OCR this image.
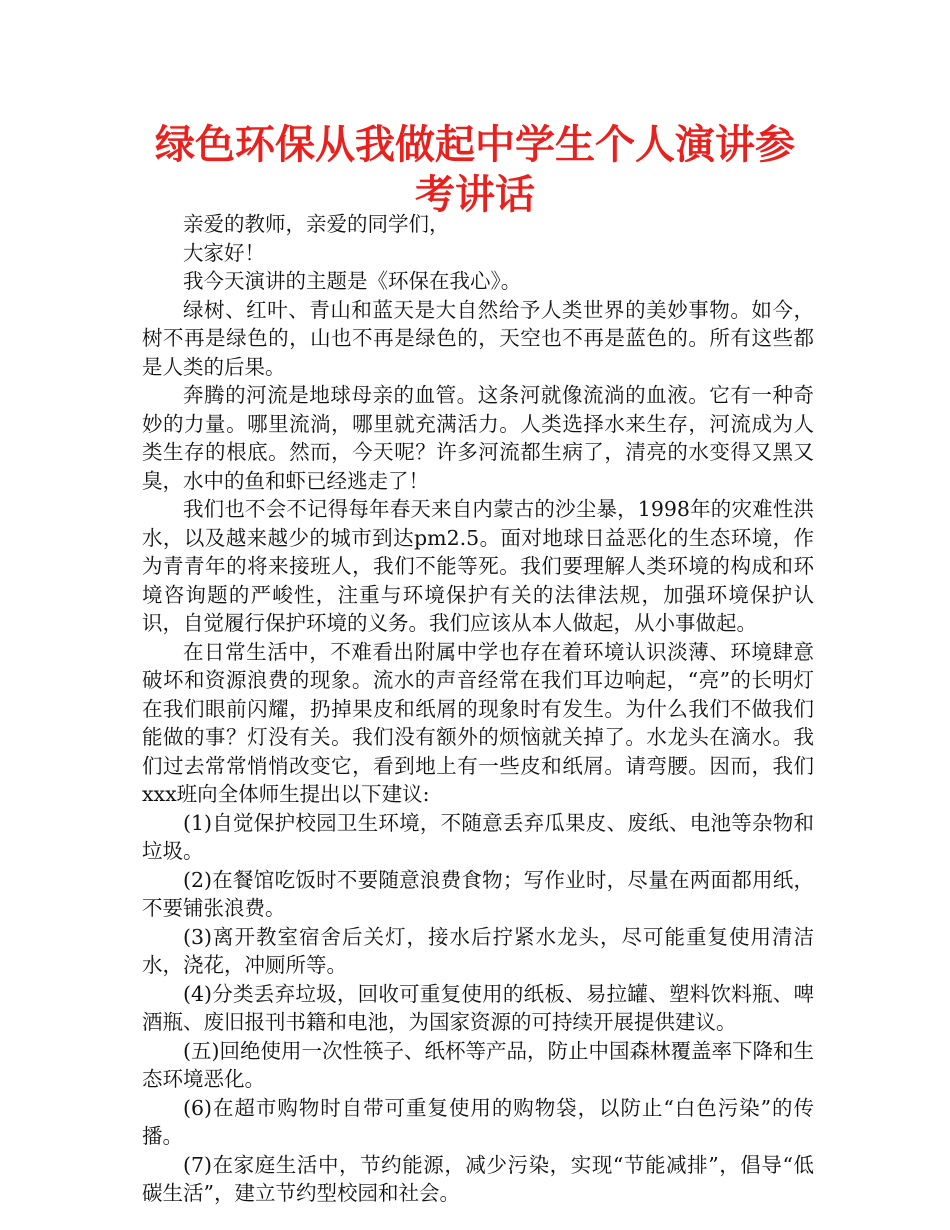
绿色环保从我做起中学生个人演讲参考讲话

亲爱的教师，亲爱的同学们，

大家好！

我今天演讲的主题是《环保在我心》。

绿树、红叶、青山和蓝天是大自然给予人类世界的美妙事物。如今，树不再是绿色的，山也不再是绿色的，天空也不再是蓝色的。所有这些都是人类的后果。

奔腾的河流是地球母亲的血管。这条河就像流淌的血液。它有一种奇妙的力量。哪里流淌，哪里就充满活力。人类选择水来生存，河流成为人类生存的根底。然而，今天呢？许多河流都生病了，清亮的水变得又黑又臭，水中的鱼和虾已经逃走了！

我们也不会不记得每年春天来自内蒙古的沙尘暴，1998年的灾难性洪水，以及越来越少的城市到达pm2.5。面对地球日益恶化的生态环境，作为青青年的将来接班人，我们不能等死。我们要理解人类环境的构成和环境咨询题的严峻性，注重与环境保护有关的法律法规，加强环境保护认识，自觉履行保护环境的义务。我们应该从本人做起，从小事做起。

在日常生活中，不难看出附属中学也存在着环境认识淡薄、环境肆意破坏和资源浪费的现象。流水的声音经常在我们耳边响起，“亮”的长明灯在我们眼前闪耀，扔掉果皮和纸屑的现象时有发生。为什么我们不做我们能做的事？灯没有关。我们没有额外的烦恼就关掉了。水龙头在滴水。我们过去常常悄悄改变它，看到地上有一些皮和纸屑。请弯腰。因而，我们xxx班向全体师生提出以下建议:

(1)自觉保护校园卫生环境，不随意丢弃瓜果皮、废纸、电池等杂物和垃圾。

(2)在餐馆吃饭时不要随意浪费食物；写作业时，尽量在两面都用纸，不要铺张浪费。

(3)离开教室宿舍后关灯，接水后拧紧水龙头，尽可能重复使用清洁水，浇花，冲厕所等。

(4)分类丢弃垃圾，回收可重复使用的纸板、易拉罐、塑料饮料瓶、啤酒瓶、废旧报刊书籍和电池，为国家资源的可持续开展提供建议。

(五)回绝使用一次性筷子、纸杯等产品，防止中国森林覆盖率下降和生态环境恶化。

(6)在超市购物时自带可重复使用的购物袋，以防止“白色污染”的传播。

(7)在家庭生活中，节约能源，减少污染，实现“节能减排”，倡导“低碳生活”，建立节约型校园和社会。
